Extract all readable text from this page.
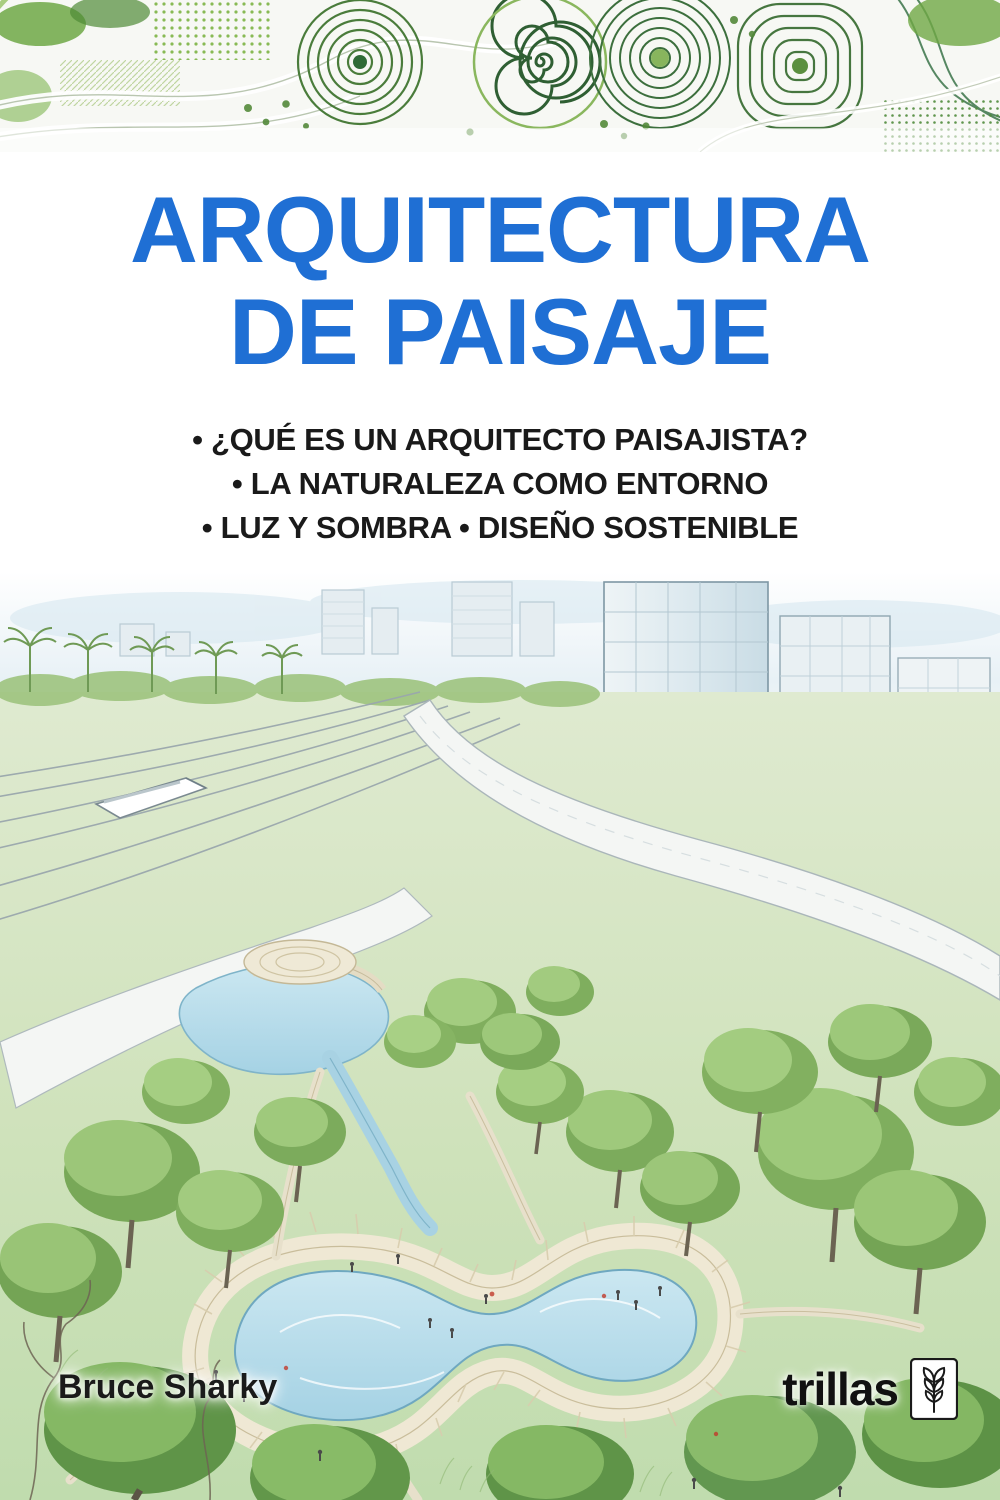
ARQUITECTURA
DE PAISAJE
• ¿QUÉ ES UN ARQUITECTO PAISAJISTA?
• LA NATURALEZA COMO ENTORNO
• LUZ Y SOMBRA • DISEÑO SOSTENIBLE
Bruce Sharky	trillas
